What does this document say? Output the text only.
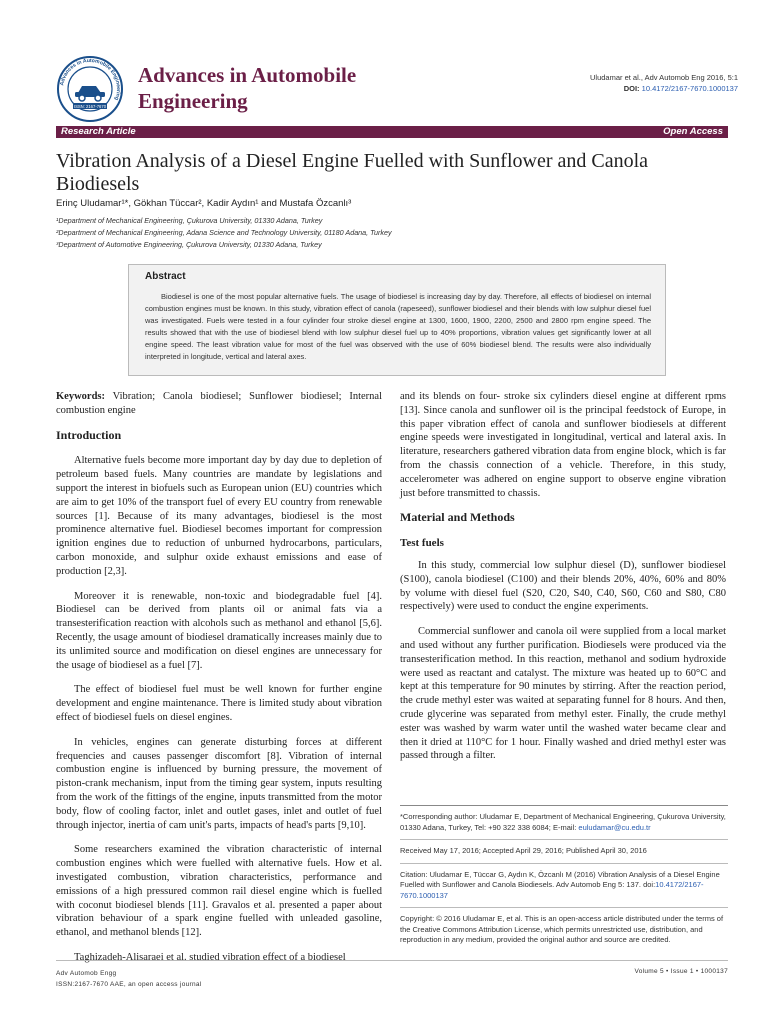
Advances in Automobile Engineering
ISSN: 2167-7670
Advances in Automobile
Engineering
Uludamar et al., Adv Automob Eng 2016, 5:1
DOI: 10.4172/2167-7670.1000137
Research Article	Open Access
Vibration Analysis of a Diesel Engine Fuelled with Sunflower and Canola Biodiesels
Erinç Uludamar¹*, Gökhan Tüccar², Kadir Aydın¹ and Mustafa Özcanlı³
¹Department of Mechanical Engineering, Çukurova University, 01330 Adana, Turkey
²Department of Mechanical Engineering, Adana Science and Technology University, 01180 Adana, Turkey
³Department of Automotive Engineering, Çukurova University, 01330 Adana, Turkey
Abstract
Biodiesel is one of the most popular alternative fuels. The usage of biodiesel is increasing day by day. Therefore, all effects of biodiesel on internal combustion engines must be known. In this study, vibration effect of canola (rapeseed), sunflower biodiesel and their blends with low sulphur diesel fuel was investigated. Fuels were tested in a four cylinder four stroke diesel engine at 1300, 1600, 1900, 2200, 2500 and 2800 rpm engine speed. The results showed that with the use of biodiesel blend with low sulphur diesel fuel up to 40% proportions, vibration values get significantly lower at all engine speed. The least vibration value for most of the fuel was observed with the use of 60% biodiesel blend. The results were also individually interpreted in longitude, vertical and lateral axes.

Keywords: Vibration; Canola biodiesel; Sunflower biodiesel; Internal combustion engine

Introduction

Alternative fuels become more important day by day due to depletion of petroleum based fuels. Many countries are mandate by legislations and support the interest in biofuels such as European union (EU) countries which are aim to get 10% of the transport fuel of every EU country from renewable sources [1]. Because of its many advantages, biodiesel is the most prominence alternative fuel. Biodiesel becomes important for compression ignition engines due to reduction of unburned hydrocarbons, particulars, carbon monoxide, and sulphur oxide exhaust emissions and ease of production [2,3].

Moreover it is renewable, non-toxic and biodegradable fuel [4]. Biodiesel can be derived from plants oil or animal fats via a transesterification reaction with alcohols such as methanol and ethanol [5,6]. Recently, the usage amount of biodiesel dramatically increases mainly due to its unlimited source and modification on diesel engines are unnecessary for the usage of biodiesel as a fuel [7].

The effect of biodiesel fuel must be well known for further engine development and engine maintenance. There is limited study about vibration effect of biodiesel fuels on diesel engines.

In vehicles, engines can generate disturbing forces at different frequencies and causes passenger discomfort [8]. Vibration of internal combustion engine is influenced by burning pressure, the movement of piston-crank mechanism, input from the timing gear system, inputs resulting from the work of the fittings of the engine, inputs transmitted from the motor body, flow of cooling factor, inlet and outlet gases, inlet and outlet of fuel through injector, inertia of cam unit's parts, impacts of head's parts [9,10].

Some researchers examined the vibration characteristic of internal combustion engines which were fuelled with alternative fuels. How et al. investigated combustion, vibration characteristics, performance and emissions of a high pressured common rail diesel engine which is fuelled with coconut biodiesel blends [11]. Gravalos et al. presented a paper about vibration behaviour of a spark engine fuelled with unleaded gasoline, ethanol, and methanol blends [12].

Taghizadeh-Alisaraei et al. studied vibration effect of a biodiesel

and its blends on four- stroke six cylinders diesel engine at different rpms [13]. Since canola and sunflower oil is the principal feedstock of Europe, in this paper vibration effect of canola and sunflower biodiesels at different engine speeds were investigated in longitudinal, vertical and lateral axis. In literature, researchers gathered vibration data from engine block, which is far from the chassis connection of a vehicle. Therefore, in this study, accelerometer was adhered on engine support to observe engine vibration just before transmitted to chassis.

Material and Methods
Test fuels

In this study, commercial low sulphur diesel (D), sunflower biodiesel (S100), canola biodiesel (C100) and their blends 20%, 40%, 60% and 80% by volume with diesel fuel (S20, C20, S40, C40, S60, C60 and S80, C80 respectively) were used to conduct the engine experiments.

Commercial sunflower and canola oil were supplied from a local market and used without any further purification. Biodiesels were produced via the transesterification method. In this reaction, methanol and sodium hydroxide were used as reactant and catalyst. The mixture was heated up to 60°C and kept at this temperature for 90 minutes by stirring. After the reaction period, the crude methyl ester was waited at separating funnel for 8 hours. And then, crude glycerine was separated from methyl ester. Finally, the crude methyl ester was washed by warm water until the washed water became clear and then it dried at 110°C for 1 hour. Finally washed and dried methyl ester was passed through a filter.

*Corresponding author: Uludamar E, Department of Mechanical Engineering, Çukurova University, 01330 Adana, Turkey, Tel: +90 322 338 6084; E-mail: euludamar@cu.edu.tr

Received May 17, 2016; Accepted April 29, 2016; Published April 30, 2016

Citation: Uludamar E, Tüccar G, Aydın K, Özcanlı M (2016) Vibration Analysis of a Diesel Engine Fuelled with Sunflower and Canola Biodiesels. Adv Automob Eng 5: 137. doi:10.4172/2167-7670.1000137

Copyright: © 2016 Uludamar E, et al. This is an open-access article distributed under the terms of the Creative Commons Attribution License, which permits unrestricted use, distribution, and reproduction in any medium, provided the original author and source are credited.

Adv Automob Engg
ISSN:2167-7670 AAE, an open access journal
Volume 5 • Issue 1 • 1000137
